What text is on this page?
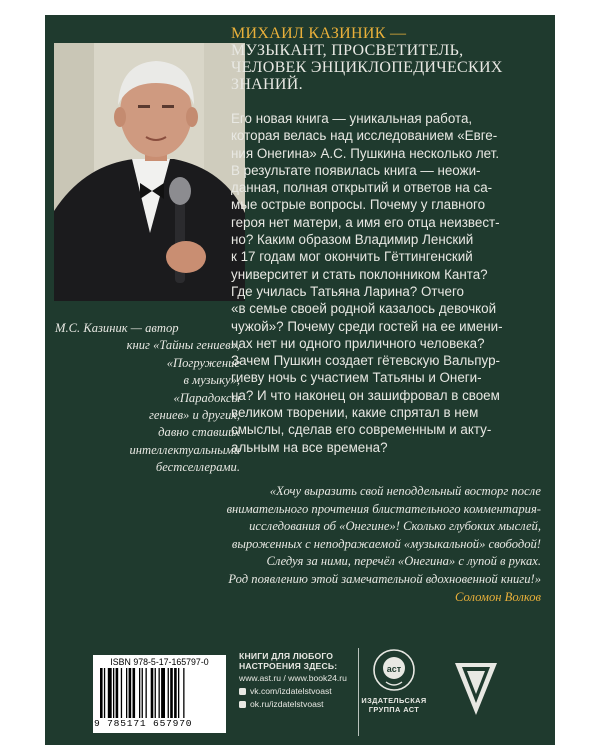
М.С. Казиник — автор
книг «Тайны гениев»,
«Погружение
в музыку»,
«Парадоксы
гениев» и других,
давно ставших
интеллектуальными
бестселлерами.
МИХАИЛ КАЗИНИК —
МУЗЫКАНТ, ПРОСВЕТИТЕЛЬ,
ЧЕЛОВЕК ЭНЦИКЛОПЕДИЧЕСКИХ
ЗНАНИЙ.
Его новая книга — уникальная работа,
которая велась над исследованием «Евге-
ния Онегина» А.С. Пушкина несколько лет.
В результате появилась книга — неожи-
данная, полная открытий и ответов на са-
мые острые вопросы. Почему у главного
героя нет матери, а имя его отца неизвест-
но? Каким образом Владимир Ленский
к 17 годам мог окончить Гёттингенский
университет и стать поклонником Канта?
Где училась Татьяна Ларина? Отчего
«в семье своей родной казалось девочкой
чужой»? Почему среди гостей на ее имени-
нах нет ни одного приличного человека?
Зачем Пушкин создает гётевскую Вальпур-
гиеву ночь с участием Татьяны и Онеги-
на? И что наконец он зашифровал в своем
великом творении, какие спрятал в нем
смыслы, сделав его современным и акту-
альным на все времена?
«Хочу выразить свой неподдельный восторг после
внимательного прочтения блистательного комментария-
исследования об «Онегине»! Сколько глубоких мыслей,
выроженных с неподражаемой «музыкальной» свободой!
Следуя за ними, перечёл «Онегина» с лупой в руках.
Род появлению этой замечательной вдохновенной книги!»
Соломон Волков
ISBN 978-5-17-165797-0
9 785171 657970
КНИГИ ДЛЯ ЛЮБОГО
НАСТРОЕНИЯ ЗДЕСЬ:
www.ast.ru / www.book24.ru
vk.com/izdatelstvoast
ok.ru/izdatelstvoast
аст
ИЗДАТЕЛЬСКАЯ
ГРУППА АСТ
